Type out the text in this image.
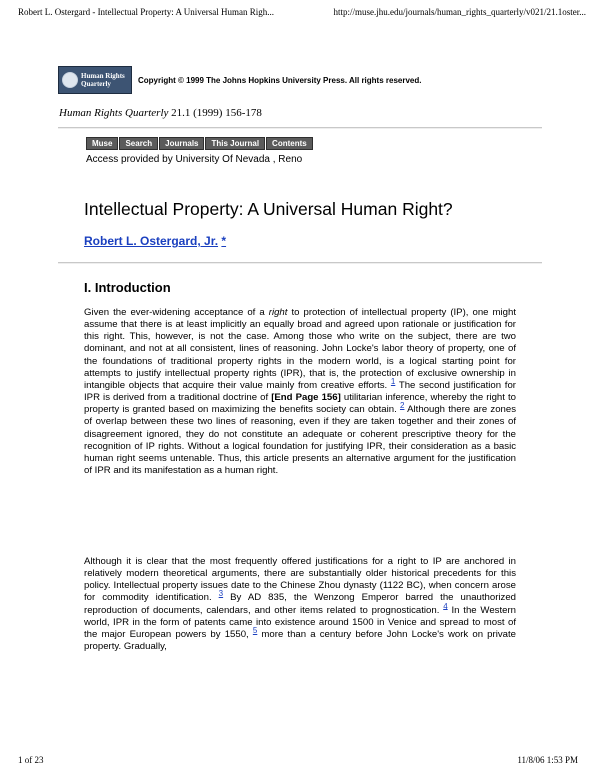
Robert L. Ostergard - Intellectual Property: A Universal Human Righ...	http://muse.jhu.edu/journals/human_rights_quarterly/v021/21.1oster...
Human Rights
Quarterly	Copyright © 1999 The Johns Hopkins University Press. All rights reserved.
Human Rights Quarterly 21.1 (1999) 156-178
Muse	Search	Journals	This Journal	Contents
Access provided by University Of Nevada , Reno
Intellectual Property: A Universal Human Right?
Robert L. Ostergard, Jr. *
I. Introduction

Given the ever-widening acceptance of a right to protection of intellectual property (IP), one might assume that there is at least implicitly an equally broad and agreed upon rationale or justification for this right. This, however, is not the case. Among those who write on the subject, there are two dominant, and not at all consistent, lines of reasoning. John Locke's labor theory of property, one of the foundations of traditional property rights in the modern world, is a logical starting point for attempts to justify intellectual property rights (IPR), that is, the protection of exclusive ownership in intangible objects that acquire their value mainly from creative efforts. $^1$ The second justification for IPR is derived from a traditional doctrine of [End Page 156] utilitarian inference, whereby the right to property is granted based on maximizing the benefits society can obtain. $^2$ Although there are zones of overlap between these two lines of reasoning, even if they are taken together and their zones of disagreement ignored, they do not constitute an adequate or coherent prescriptive theory for the recognition of IP rights. Without a logical foundation for justifying IPR, their consideration as a basic human right seems untenable. Thus, this article presents an alternative argument for the justification of IPR and its manifestation as a human right.

Although it is clear that the most frequently offered justifications for a right to IP are anchored in relatively modern theoretical arguments, there are substantially older historical precedents for this policy. Intellectual property issues date to the Chinese Zhou dynasty (1122 BC), when concern arose for commodity identification. $^3$ By AD 835, the Wenzong Emperor barred the unauthorized reproduction of documents, calendars, and other items related to prognostication. $^4$ In the Western world, IPR in the form of patents came into existence around 1500 in Venice and spread to most of the major European powers by 1550, $^5$ more than a century before John Locke's work on private property. Gradually,

1 of 23	11/8/06 1:53 PM
